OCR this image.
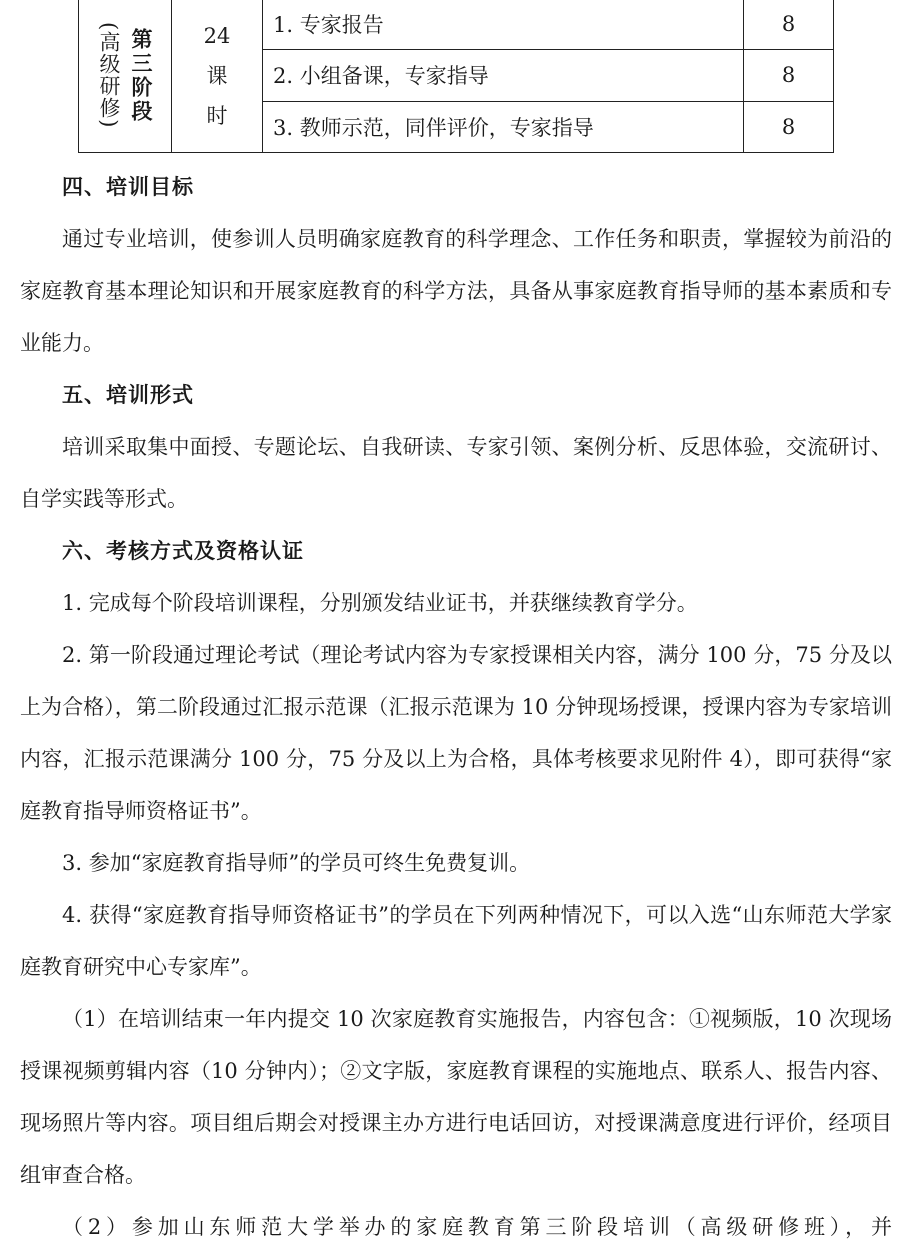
(高级研修) 第三阶段	24
课
时	1. 专家报告	8
		2. 小组备课，专家指导	8
		3. 教师示范，同伴评价，专家指导	8

四、培训目标

通过专业培训，使参训人员明确家庭教育的科学理念、工作任务和职责，掌握较为前沿的家庭教育基本理论知识和开展家庭教育的科学方法，具备从事家庭教育指导师的基本素质和专业能力。

五、培训形式

培训采取集中面授、专题论坛、自我研读、专家引领、案例分析、反思体验，交流研讨、自学实践等形式。

六、考核方式及资格认证

1. 完成每个阶段培训课程，分别颁发结业证书，并获继续教育学分。

2. 第一阶段通过理论考试（理论考试内容为专家授课相关内容，满分 100 分，75 分及以上为合格），第二阶段通过汇报示范课（汇报示范课为 10 分钟现场授课，授课内容为专家培训内容，汇报示范课满分 100 分，75 分及以上为合格，具体考核要求见附件 4），即可获得“家庭教育指导师资格证书”。

3. 参加“家庭教育指导师”的学员可终生免费复训。

4. 获得“家庭教育指导师资格证书”的学员在下列两种情况下，可以入选“山东师范大学家庭教育研究中心专家库”。

（1）在培训结束一年内提交 10 次家庭教育实施报告，内容包含：①视频版，10 次现场授课视频剪辑内容（10 分钟内）；②文字版，家庭教育课程的实施地点、联系人、报告内容、现场照片等内容。项目组后期会对授课主办方进行电话回访，对授课满意度进行评价，经项目组审查合格。

（2）参加山东师范大学举办的家庭教育第三阶段培训（高级研修班），并
